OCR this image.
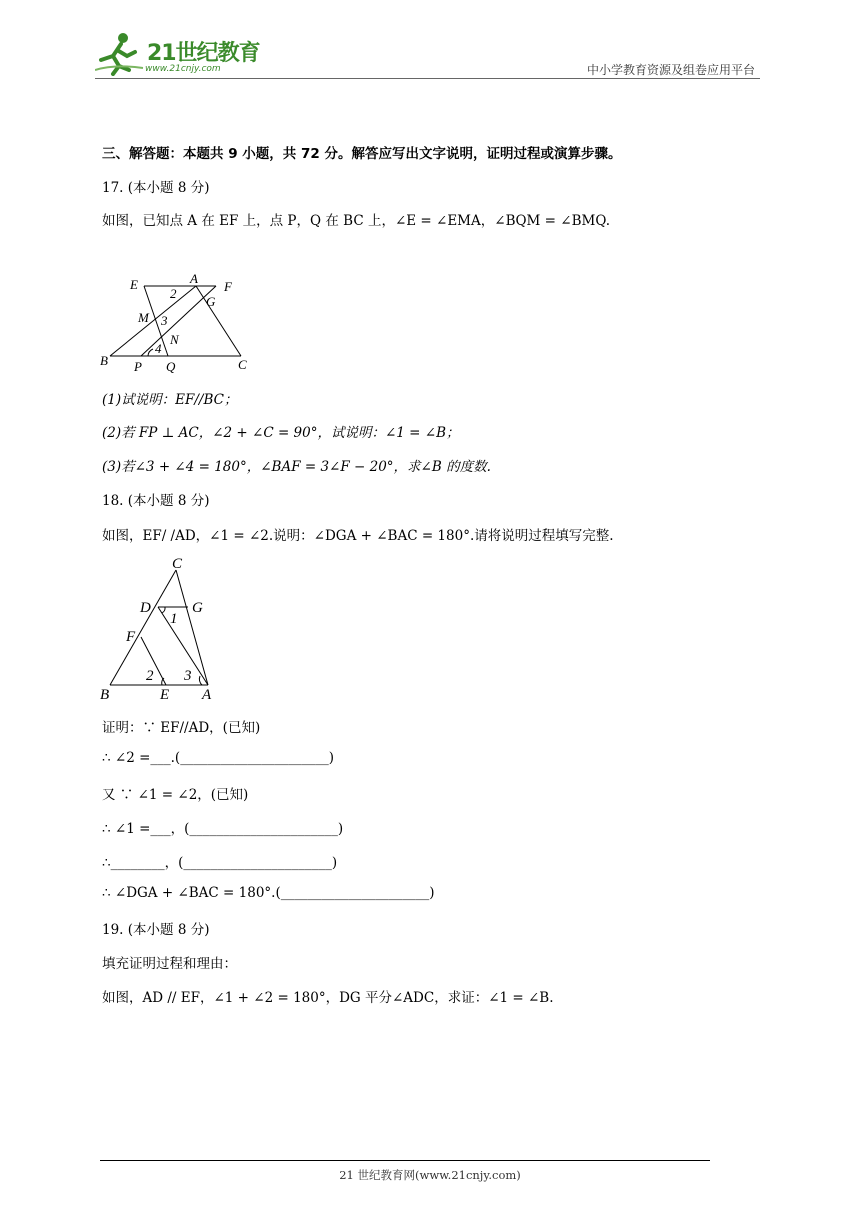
21世纪教育
www.21cnjy.com	中小学教育资源及组卷应用平台
三、解答题：本题共 9 小题，共 72 分。解答应写出文字说明，证明过程或演算步骤。
17. (本小题 8 分)
如图，已知点 A 在 EF 上，点 P，Q 在 BC 上，∠E = ∠EMA，∠BQM = ∠BMQ.
E	A
F
2
G
M 3
N
4
B P Q	C
(1)试说明：EF//BC；
(2)若 FP ⊥ AC，∠2 + ∠C = 90°，试说明：∠1 = ∠B；
(3)若∠3 + ∠4 = 180°，∠BAF = 3∠F − 20°，求∠B 的度数.
18. (本小题 8 分)
如图，EF/ /AD，∠1 = ∠2.说明：∠DGA + ∠BAC = 180°.请将说明过程填写完整.
C
D	G
1
F
2 3
B	E A
证明：∵ EF//AD，(已知)
∴ ∠2 =___.(______________________)
又 ∵ ∠1 = ∠2，(已知)
∴ ∠1 =___，(______________________)
∴________，(______________________)
∴ ∠DGA + ∠BAC = 180°.(______________________)
19. (本小题 8 分)
填充证明过程和理由：
如图，AD // EF，∠1 + ∠2 = 180°，DG 平分∠ADC，求证：∠1 = ∠B.
21 世纪教育网(www.21cnjy.com)
